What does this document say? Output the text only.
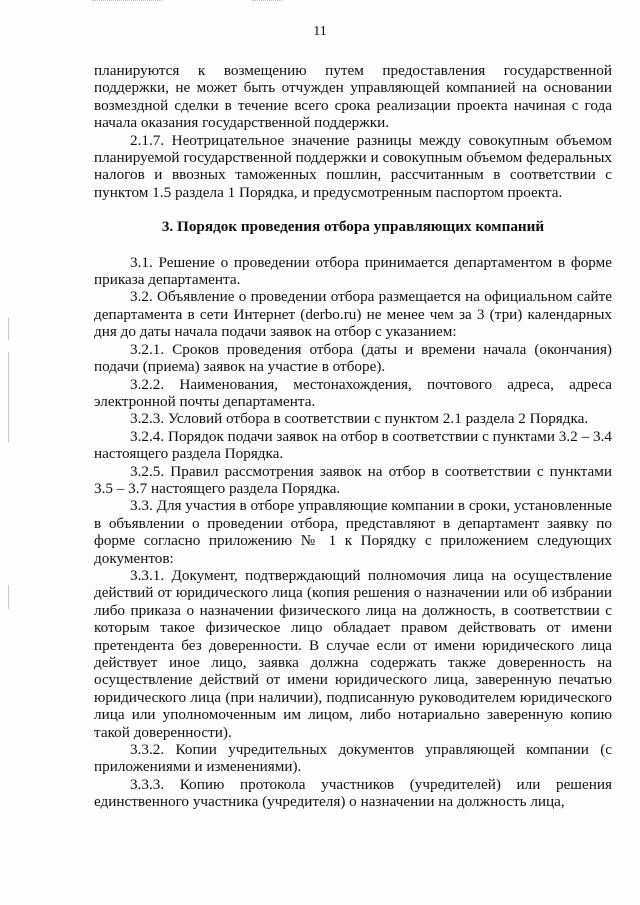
11

планируются к возмещению путем предоставления государственной поддержки, не может быть отчужден управляющей компанией на основании возмездной сделки в течение всего срока реализации проекта начиная с года начала оказания государственной поддержки.

2.1.7. Неотрицательное значение разницы между совокупным объемом планируемой государственной поддержки и совокупным объемом федеральных налогов и ввозных таможенных пошлин, рассчитанным в соответствии с пунктом 1.5 раздела 1 Порядка, и предусмотренным паспортом проекта.

3. Порядок проведения отбора управляющих компаний

3.1. Решение о проведении отбора принимается департаментом в форме приказа департамента.

3.2. Объявление о проведении отбора размещается на официальном сайте департамента в сети Интернет (derbo.ru) не менее чем за 3 (три) календарных дня до даты начала подачи заявок на отбор с указанием:

3.2.1. Сроков проведения отбора (даты и времени начала (окончания) подачи (приема) заявок на участие в отборе).

3.2.2. Наименования, местонахождения, почтового адреса, адреса электронной почты департамента.

3.2.3. Условий отбора в соответствии с пунктом 2.1 раздела 2 Порядка.

3.2.4. Порядок подачи заявок на отбор в соответствии с пунктами 3.2 – 3.4 настоящего раздела Порядка.

3.2.5. Правил рассмотрения заявок на отбор в соответствии с пунктами 3.5 – 3.7 настоящего раздела Порядка.

3.3. Для участия в отборе управляющие компании в сроки, установленные в объявлении о проведении отбора, представляют в департамент заявку по форме согласно приложению № 1 к Порядку с приложением следующих документов:

3.3.1. Документ, подтверждающий полномочия лица на осуществление действий от юридического лица (копия решения о назначении или об избрании либо приказа о назначении физического лица на должность, в соответствии с которым такое физическое лицо обладает правом действовать от имени претендента без доверенности. В случае если от имени юридического лица действует иное лицо, заявка должна содержать также доверенность на осуществление действий от имени юридического лица, заверенную печатью юридического лица (при наличии), подписанную руководителем юридического лица или уполномоченным им лицом, либо нотариально заверенную копию такой доверенности).

3.3.2. Копии учредительных документов управляющей компании (с приложениями и изменениями).

3.3.3. Копию протокола участников (учредителей) или решения единственного участника (учредителя) о назначении на должность лица,
